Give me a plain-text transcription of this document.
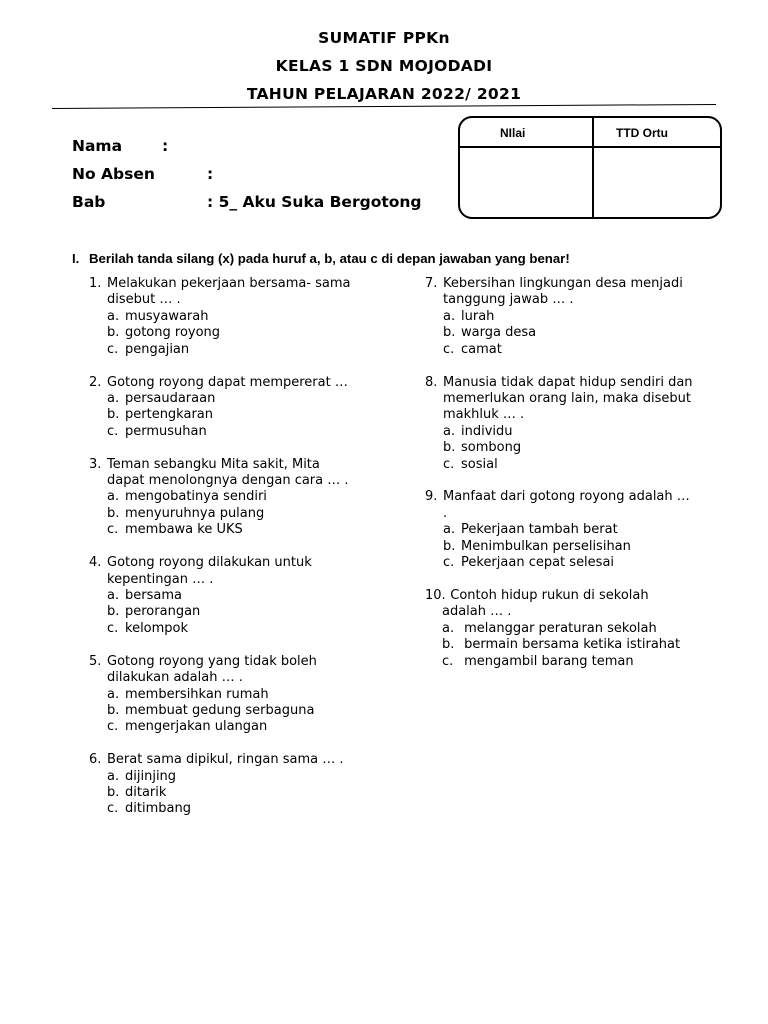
SUMATIF PPKn
KELAS 1 SDN MOJODADI
TAHUN PELAJARAN 2022/ 2021
Nama	:
No Absen	:
Bab	: 5_ Aku Suka Bergotong
NIlai	TTD Ortu
I. Berilah tanda silang (x) pada huruf a, b, atau c di depan jawaban yang benar!
1. Melakukan pekerjaan bersama- sama
disebut … .
a. musyawarah
b. gotong royong
c. pengajian
2. Gotong royong dapat mempererat …
a. persaudaraan
b. pertengkaran
c. permusuhan
3. Teman sebangku Mita sakit, Mita
dapat menolongnya dengan cara … .
a. mengobatinya sendiri
b. menyuruhnya pulang
c. membawa ke UKS
4. Gotong royong dilakukan untuk
kepentingan … .
a. bersama
b. perorangan
c. kelompok
5. Gotong royong yang tidak boleh
dilakukan adalah … .
a. membersihkan rumah
b. membuat gedung serbaguna
c. mengerjakan ulangan
6. Berat sama dipikul, ringan sama … .
a. dijinjing
b. ditarik
c. ditimbang
7. Kebersihan lingkungan desa menjadi
tanggung jawab … .
a. lurah
b. warga desa
c. camat
8. Manusia tidak dapat hidup sendiri dan
memerlukan orang lain, maka disebut
makhluk … .
a. individu
b. sombong
c. sosial
9. Manfaat dari gotong royong adalah …
.
a. Pekerjaan tambah berat
b. Menimbulkan perselisihan
c. Pekerjaan cepat selesai
10.
Contoh hidup rukun di sekolah
adalah … .
a. melanggar peraturan sekolah
b. bermain bersama ketika istirahat
c. mengambil barang teman
